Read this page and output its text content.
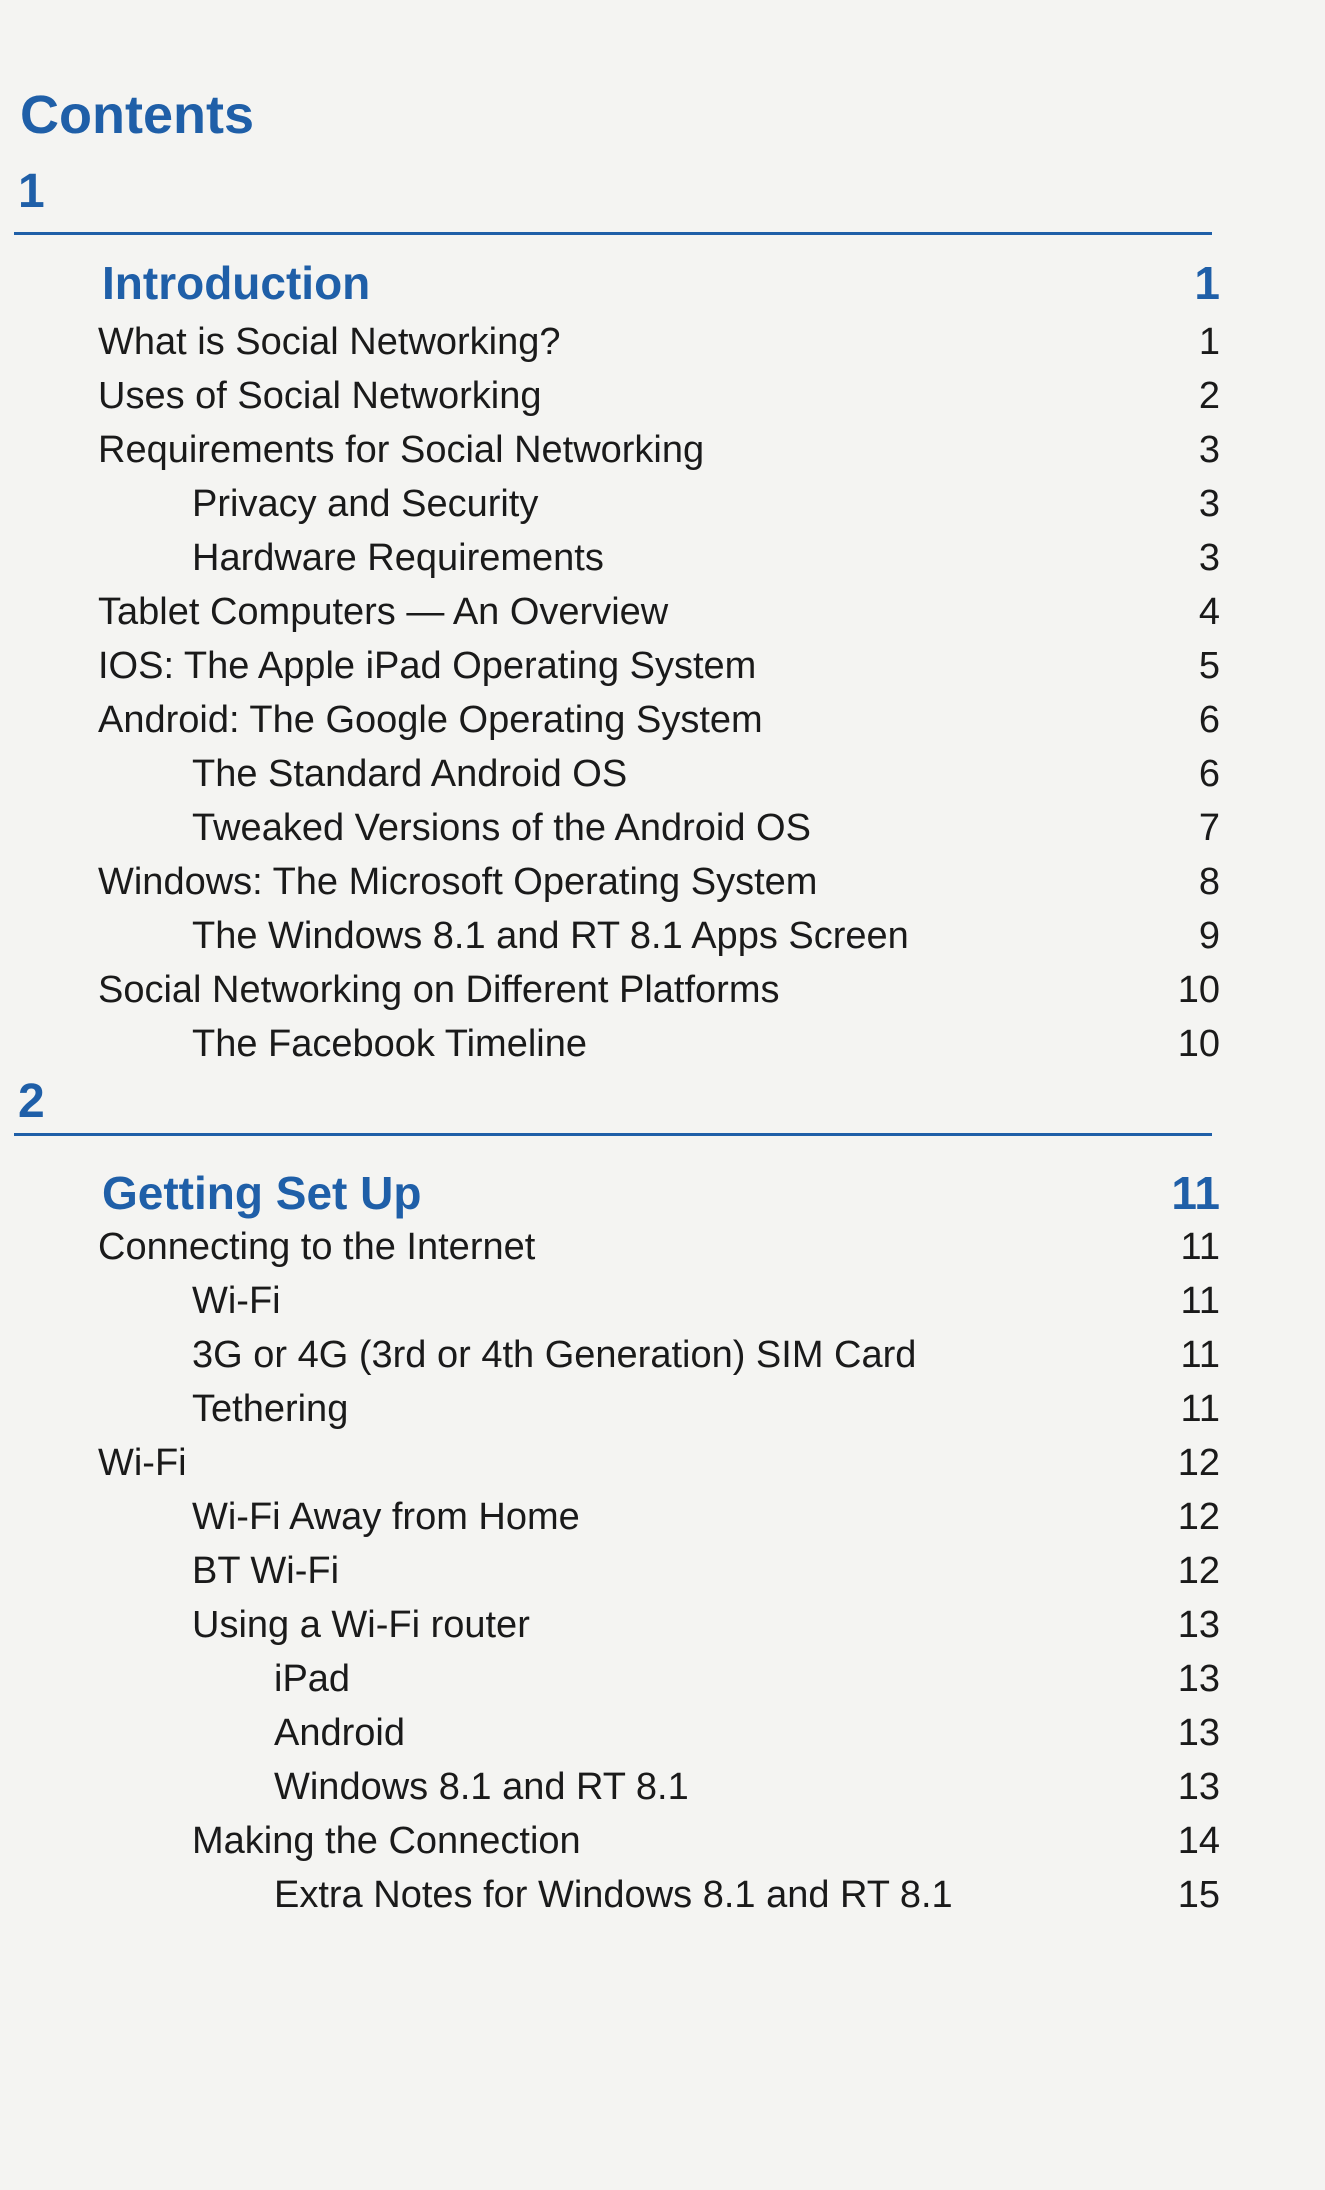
Contents
1
Introduction	1
What is Social Networking?	1
Uses of Social Networking	2
Requirements for Social Networking	3
Privacy and Security	3
Hardware Requirements	3
Tablet Computers — An Overview	4
IOS: The Apple iPad Operating System	5
Android: The Google Operating System	6
The Standard Android OS	6
Tweaked Versions of the Android OS	7
Windows: The Microsoft Operating System	8
The Windows 8.1 and RT 8.1 Apps Screen	9
Social Networking on Different Platforms	10
The Facebook Timeline	10
2
Getting Set Up	11
Connecting to the Internet	11
Wi-Fi	11
3G or 4G (3rd or 4th Generation) SIM Card	11
Tethering	11
Wi-Fi	12
Wi-Fi Away from Home	12
BT Wi-Fi	12
Using a Wi-Fi router	13
iPad	13
Android	13
Windows 8.1 and RT 8.1	13
Making the Connection	14
Extra Notes for Windows 8.1 and RT 8.1	15
